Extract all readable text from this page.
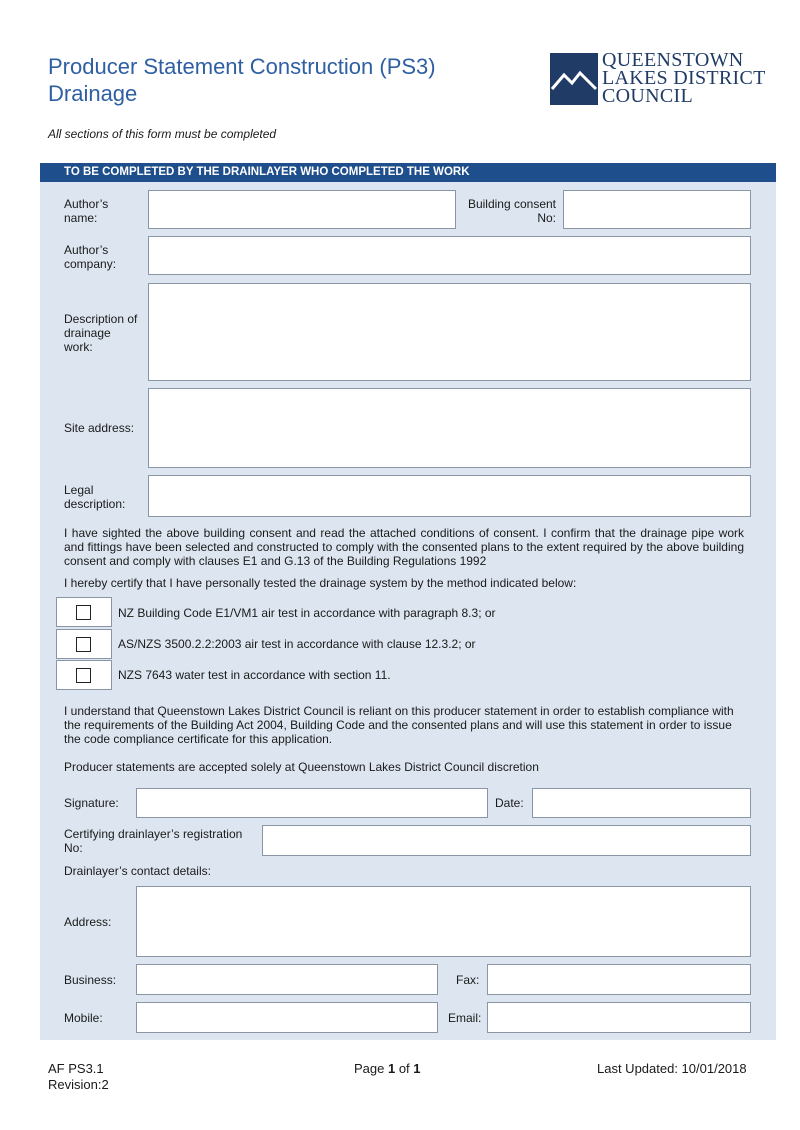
Producer Statement Construction (PS3)
Drainage
QUEENSTOWN
LAKES DISTRICT
COUNCIL
All sections of this form must be completed
TO BE COMPLETED BY THE DRAINLAYER WHO COMPLETED THE WORK
Author’s
name:
Building consent
No:
Author’s
company:
Description of
drainage
work:
Site address:
Legal
description:
I have sighted the above building consent and read the attached conditions of consent. I confirm that the drainage pipe work and fittings have been selected and constructed to comply with the consented plans to the extent required by the above building consent and comply with clauses E1 and G.13 of the Building Regulations 1992
I hereby certify that I have personally tested the drainage system by the method indicated below:
NZ Building Code E1/VM1 air test in accordance with paragraph 8.3; or
AS/NZS 3500.2.2:2003 air test in accordance with clause 12.3.2; or
NZS 7643 water test in accordance with section 11.
I understand that Queenstown Lakes District Council is reliant on this producer statement in order to establish compliance with the requirements of the Building Act 2004, Building Code and the consented plans and will use this statement in order to issue the code compliance certificate for this application.
Producer statements are accepted solely at Queenstown Lakes District Council discretion
Signature:	Date:
Certifying drainlayer’s registration
No:
Drainlayer’s contact details:
Address:
Business:	Fax:
Mobile:	Email:
AF PS3.1
Revision:2
Page 1 of 1	Last Updated: 10/01/2018
